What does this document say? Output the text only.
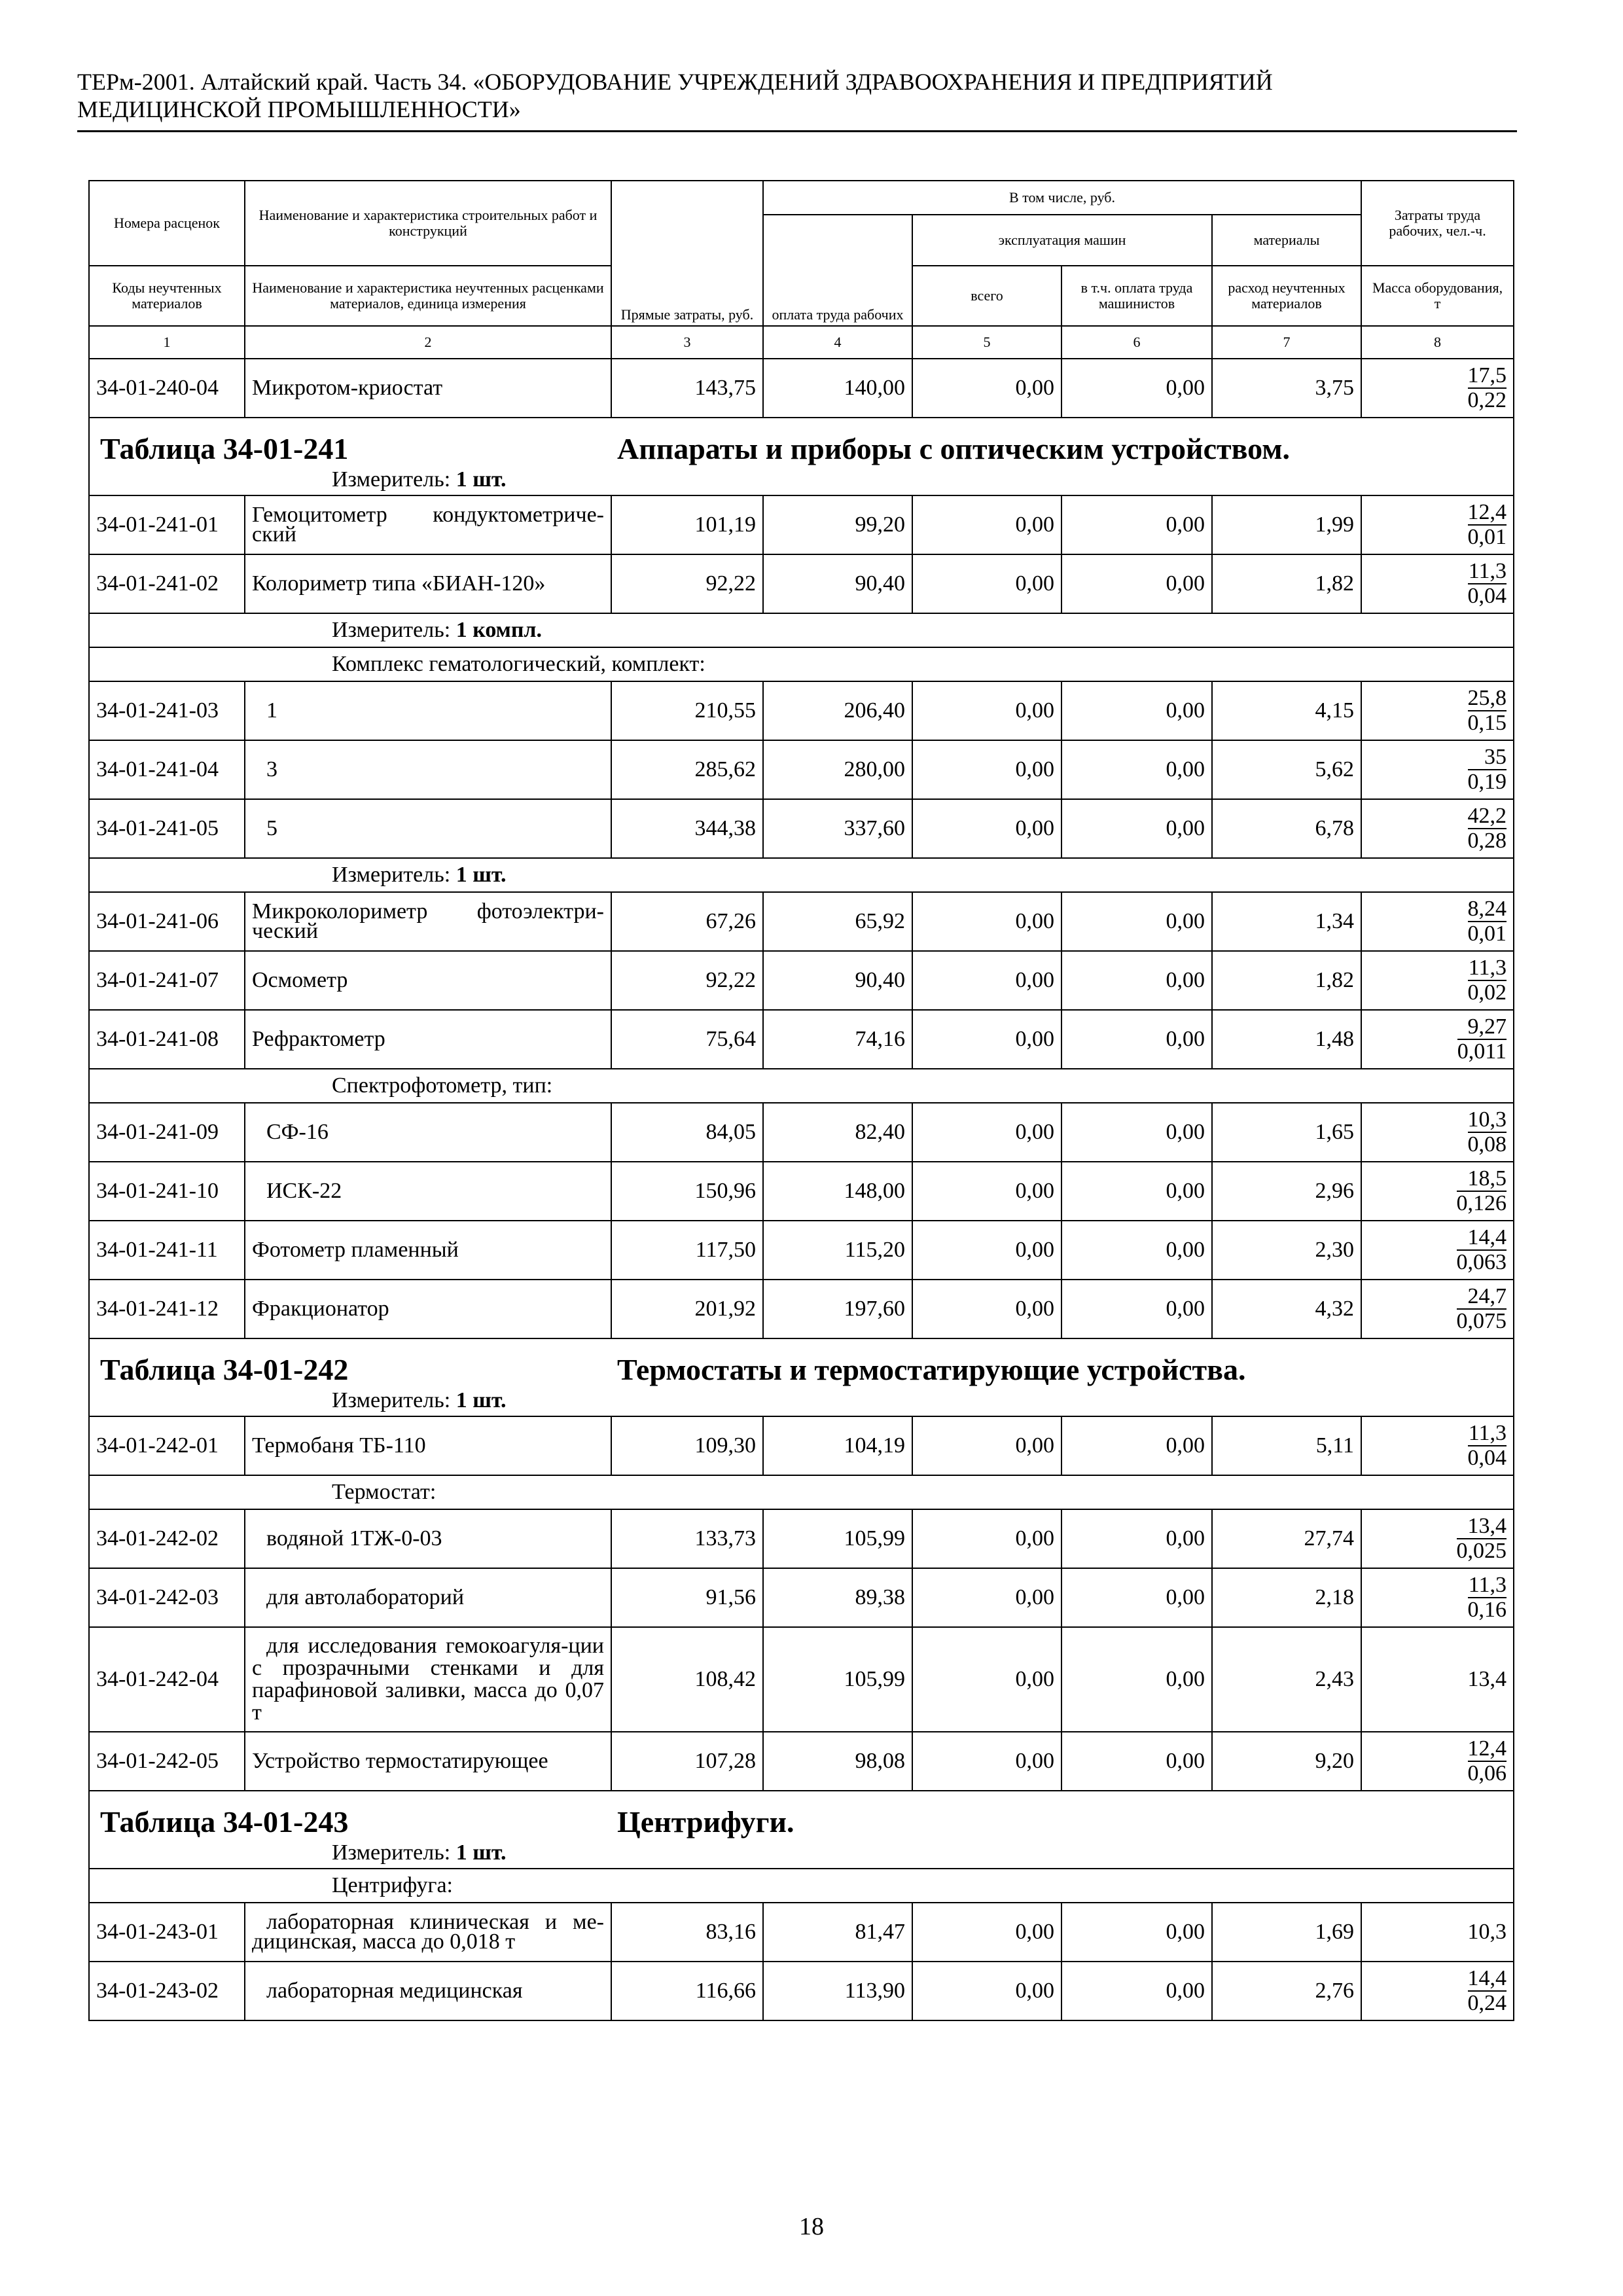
ТЕРм-2001. Алтайский край. Часть 34. «ОБОРУДОВАНИЕ УЧРЕЖДЕНИЙ ЗДРАВООХРАНЕНИЯ И ПРЕДПРИЯТИЙ
МЕДИЦИНСКОЙ ПРОМЫШЛЕННОСТИ»
Номера расценок	Наименование и характеристика строительных работ и конструкций	Прямые затраты, руб.	В том числе, руб.				Затраты труда рабочих, чел.-ч.
			оплата труда рабочих	эксплуатация машин		материалы	
Коды неучтенных материалов	Наименование и характеристика неучтенных расценками материалов, единица измерения			всего	в т.ч. оплата труда машинистов	расход неучтенных материалов	Масса оборудования, т
1	2	3	4	5	6	7	8
34-01-240-04	Микротом-криостат	143,75	140,00	0,00	0,00	3,75	$\frac{17,5}{0,22}$

Таблица 34-01-241 Аппараты и приборы с оптическим устройством.							
Измеритель: 1 шт.							
34-01-241-01	Гемоцитометр кондуктометриче-ский	101,19	99,20	0,00	0,00	1,99	$\frac{12,4}{0,01}$

34-01-241-02	Колориметр типа «БИАН-120»	92,22	90,40	0,00	0,00	1,82	$\frac{11,3}{0,04}$

Измеритель: 1 компл.							
Комплекс гематологический, комплект:							
34-01-241-03	1	210,55	206,40	0,00	0,00	4,15	$\frac{25,8}{0,15}$

34-01-241-04	3	285,62	280,00	0,00	0,00	5,62	$\frac{35}{0,19}$

34-01-241-05	5	344,38	337,60	0,00	0,00	6,78	$\frac{42,2}{0,28}$

Измеритель: 1 шт.							
34-01-241-06	Микроколориметр фотоэлектри-ческий	67,26	65,92	0,00	0,00	1,34	$\frac{8,24}{0,01}$

34-01-241-07	Осмометр	92,22	90,40	0,00	0,00	1,82	$\frac{11,3}{0,02}$

34-01-241-08	Рефрактометр	75,64	74,16	0,00	0,00	1,48	$\frac{9,27}{0,011}$

Спектрофотометр, тип:							
34-01-241-09	СФ-16	84,05	82,40	0,00	0,00	1,65	$\frac{10,3}{0,08}$

34-01-241-10	ИСК-22	150,96	148,00	0,00	0,00	2,96	$\frac{18,5}{0,126}$

34-01-241-11	Фотометр пламенный	117,50	115,20	0,00	0,00	2,30	$\frac{14,4}{0,063}$

34-01-241-12	Фракционатор	201,92	197,60	0,00	0,00	4,32	$\frac{24,7}{0,075}$

Таблица 34-01-242 Термостаты и термостатирующие устройства.							
Измеритель: 1 шт.							
34-01-242-01	Термобаня ТБ-110	109,30	104,19	0,00	0,00	5,11	$\frac{11,3}{0,04}$

Термостат:							
34-01-242-02	водяной 1ТЖ-0-03	133,73	105,99	0,00	0,00	27,74	$\frac{13,4}{0,025}$

34-01-242-03	для автолабораторий	91,56	89,38	0,00	0,00	2,18	$\frac{11,3}{0,16}$

34-01-242-04	для исследования гемокоагуля-ции с прозрачными стенками и для парафиновой заливки, масса до 0,07 т	108,42	105,99	0,00	0,00	2,43	13,4
34-01-242-05	Устройство термостатирующее	107,28	98,08	0,00	0,00	9,20	$\frac{12,4}{0,06}$

Таблица 34-01-243 Центрифуги.							
Измеритель: 1 шт.							
Центрифуга:							
34-01-243-01	лабораторная клиническая и ме-дицинская, масса до 0,018 т	83,16	81,47	0,00	0,00	1,69	10,3
34-01-243-02	лабораторная медицинская	116,66	113,90	0,00	0,00	2,76	$\frac{14,4}{0,24}$
18
